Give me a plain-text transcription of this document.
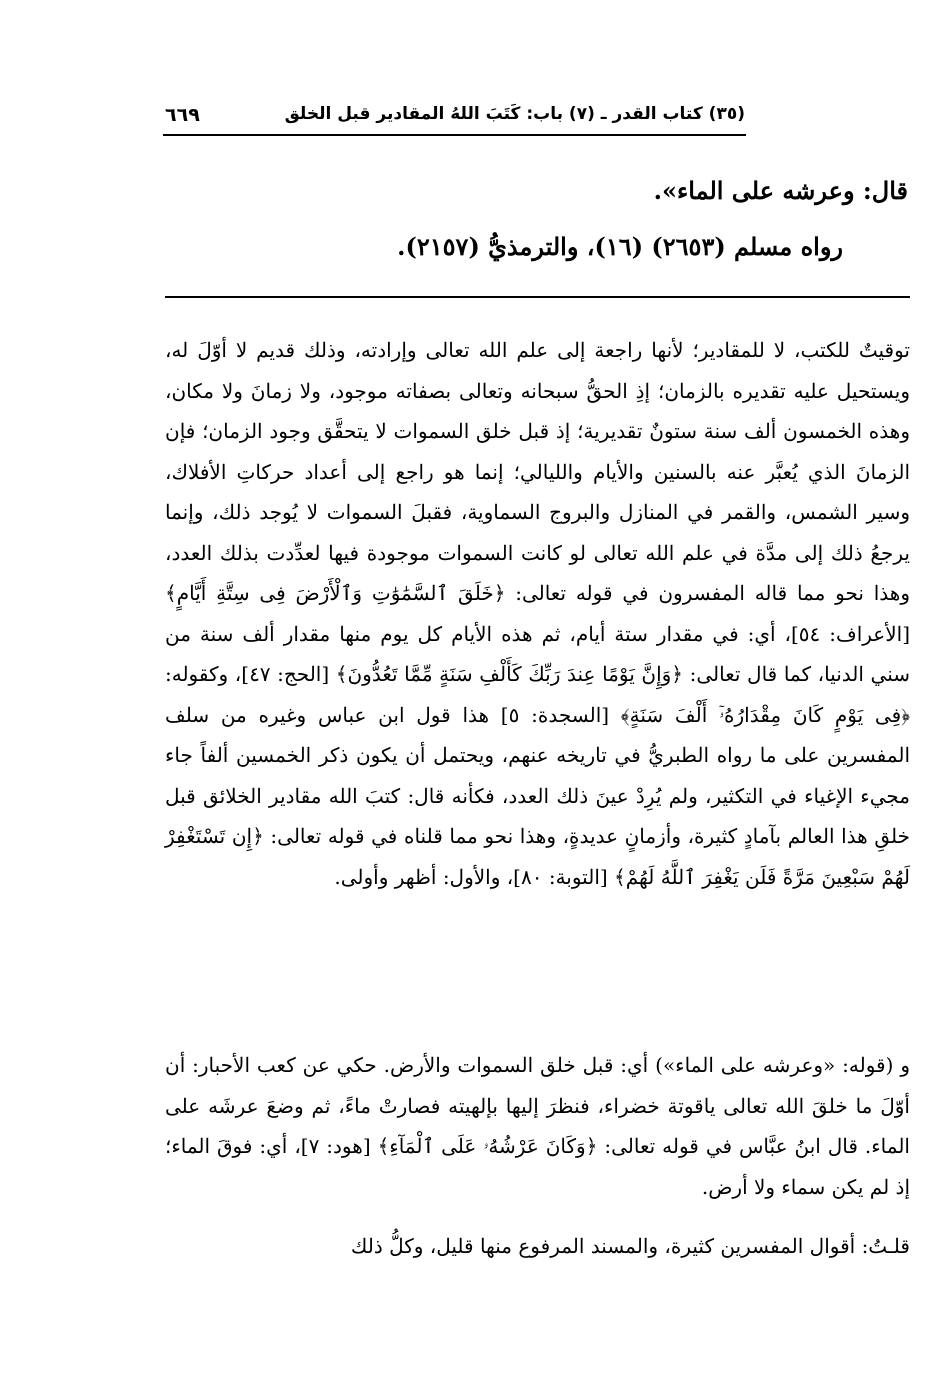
(٣٥) كتاب القدر ـ (٧) باب: كَتَبَ اللهُ المقادير قبل الخلق
٦٦٩
قال: وعرشه على الماء».
رواه مسلم (٢٦٥٣) (١٦)، والترمذيُّ (٢١٥٧).

توقيتٌ للكتب، لا للمقادير؛ لأنها راجعة إلى علم الله تعالى وإرادته، وذلك قديم لا أوّلَ له، ويستحيل عليه تقديره بالزمان؛ إذِ الحقُّ سبحانه وتعالى بصفاته موجود، ولا زمانَ ولا مكان، وهذه الخمسون ألف سنة ستونٌ تقديرية؛ إذ قبل خلق السموات لا يتحقَّق وجود الزمان؛ فإن الزمانَ الذي يُعبَّر عنه بالسنين والأيام والليالي؛ إنما هو راجع إلى أعداد حركاتِ الأفلاك، وسير الشمس، والقمر في المنازل والبروج السماوية، فقبلَ السموات لا يُوجد ذلك، وإنما يرجعُ ذلك إلى مدَّة في علم الله تعالى لو كانت السموات موجودة فيها لعدِّدت بذلك العدد، وهذا نحو مما قاله المفسرون في قوله تعالى: ﴿خَلَقَ ٱلسَّمَٰوَٰتِ وَٱلْأَرْضَ فِى سِتَّةِ أَيَّامٍ﴾ [الأعراف: ٥٤]، أي: في مقدار ستة أيام، ثم هذه الأيام كل يوم منها مقدار ألف سنة من سني الدنيا، كما قال تعالى: ﴿وَإِنَّ يَوْمًا عِندَ رَبِّكَ كَأَلْفِ سَنَةٍ مِّمَّا تَعُدُّونَ﴾ [الحج: ٤٧]، وكقوله: ﴿فِى يَوْمٍ كَانَ مِقْدَارُهُۥٓ أَلْفَ سَنَةٍ﴾ [السجدة: ٥] هذا قول ابن عباس وغيره من سلف المفسرين على ما رواه الطبريُّ في تاريخه عنهم، ويحتمل أن يكون ذكر الخمسين ألفاً جاء مجيء الإغياء في التكثير، ولم يُرِدْ عينَ ذلك العدد، فكأنه قال: كتبَ الله مقادير الخلائق قبل خلقِ هذا العالم بآمادٍ كثيرة، وأزمانٍ عديدةٍ، وهذا نحو مما قلناه في قوله تعالى: ﴿إِن تَسْتَغْفِرْ لَهُمْ سَبْعِينَ مَرَّةً فَلَن يَغْفِرَ ٱللَّهُ لَهُمْ﴾ [التوبة: ٨٠]، والأول: أظهر وأولى.

و (قوله: «وعرشه على الماء») أي: قبل خلق السموات والأرض. حكي عن كعب الأحبار: أن أوّلَ ما خلقَ الله تعالى ياقوتة خضراء، فنظرَ إليها بإلهيته فصارتْ ماءً، ثم وضعَ عرشَه على الماء. قال ابنُ عبَّاس في قوله تعالى: ﴿وَكَانَ عَرْشُهُۥ عَلَى ٱلْمَآءِ﴾ [هود: ٧]، أي: فوقَ الماء؛ إذ لم يكن سماء ولا أرض.

قلـتُ: أقوال المفسرين كثيرة، والمسند المرفوع منها قليل، وكلُّ ذلك
